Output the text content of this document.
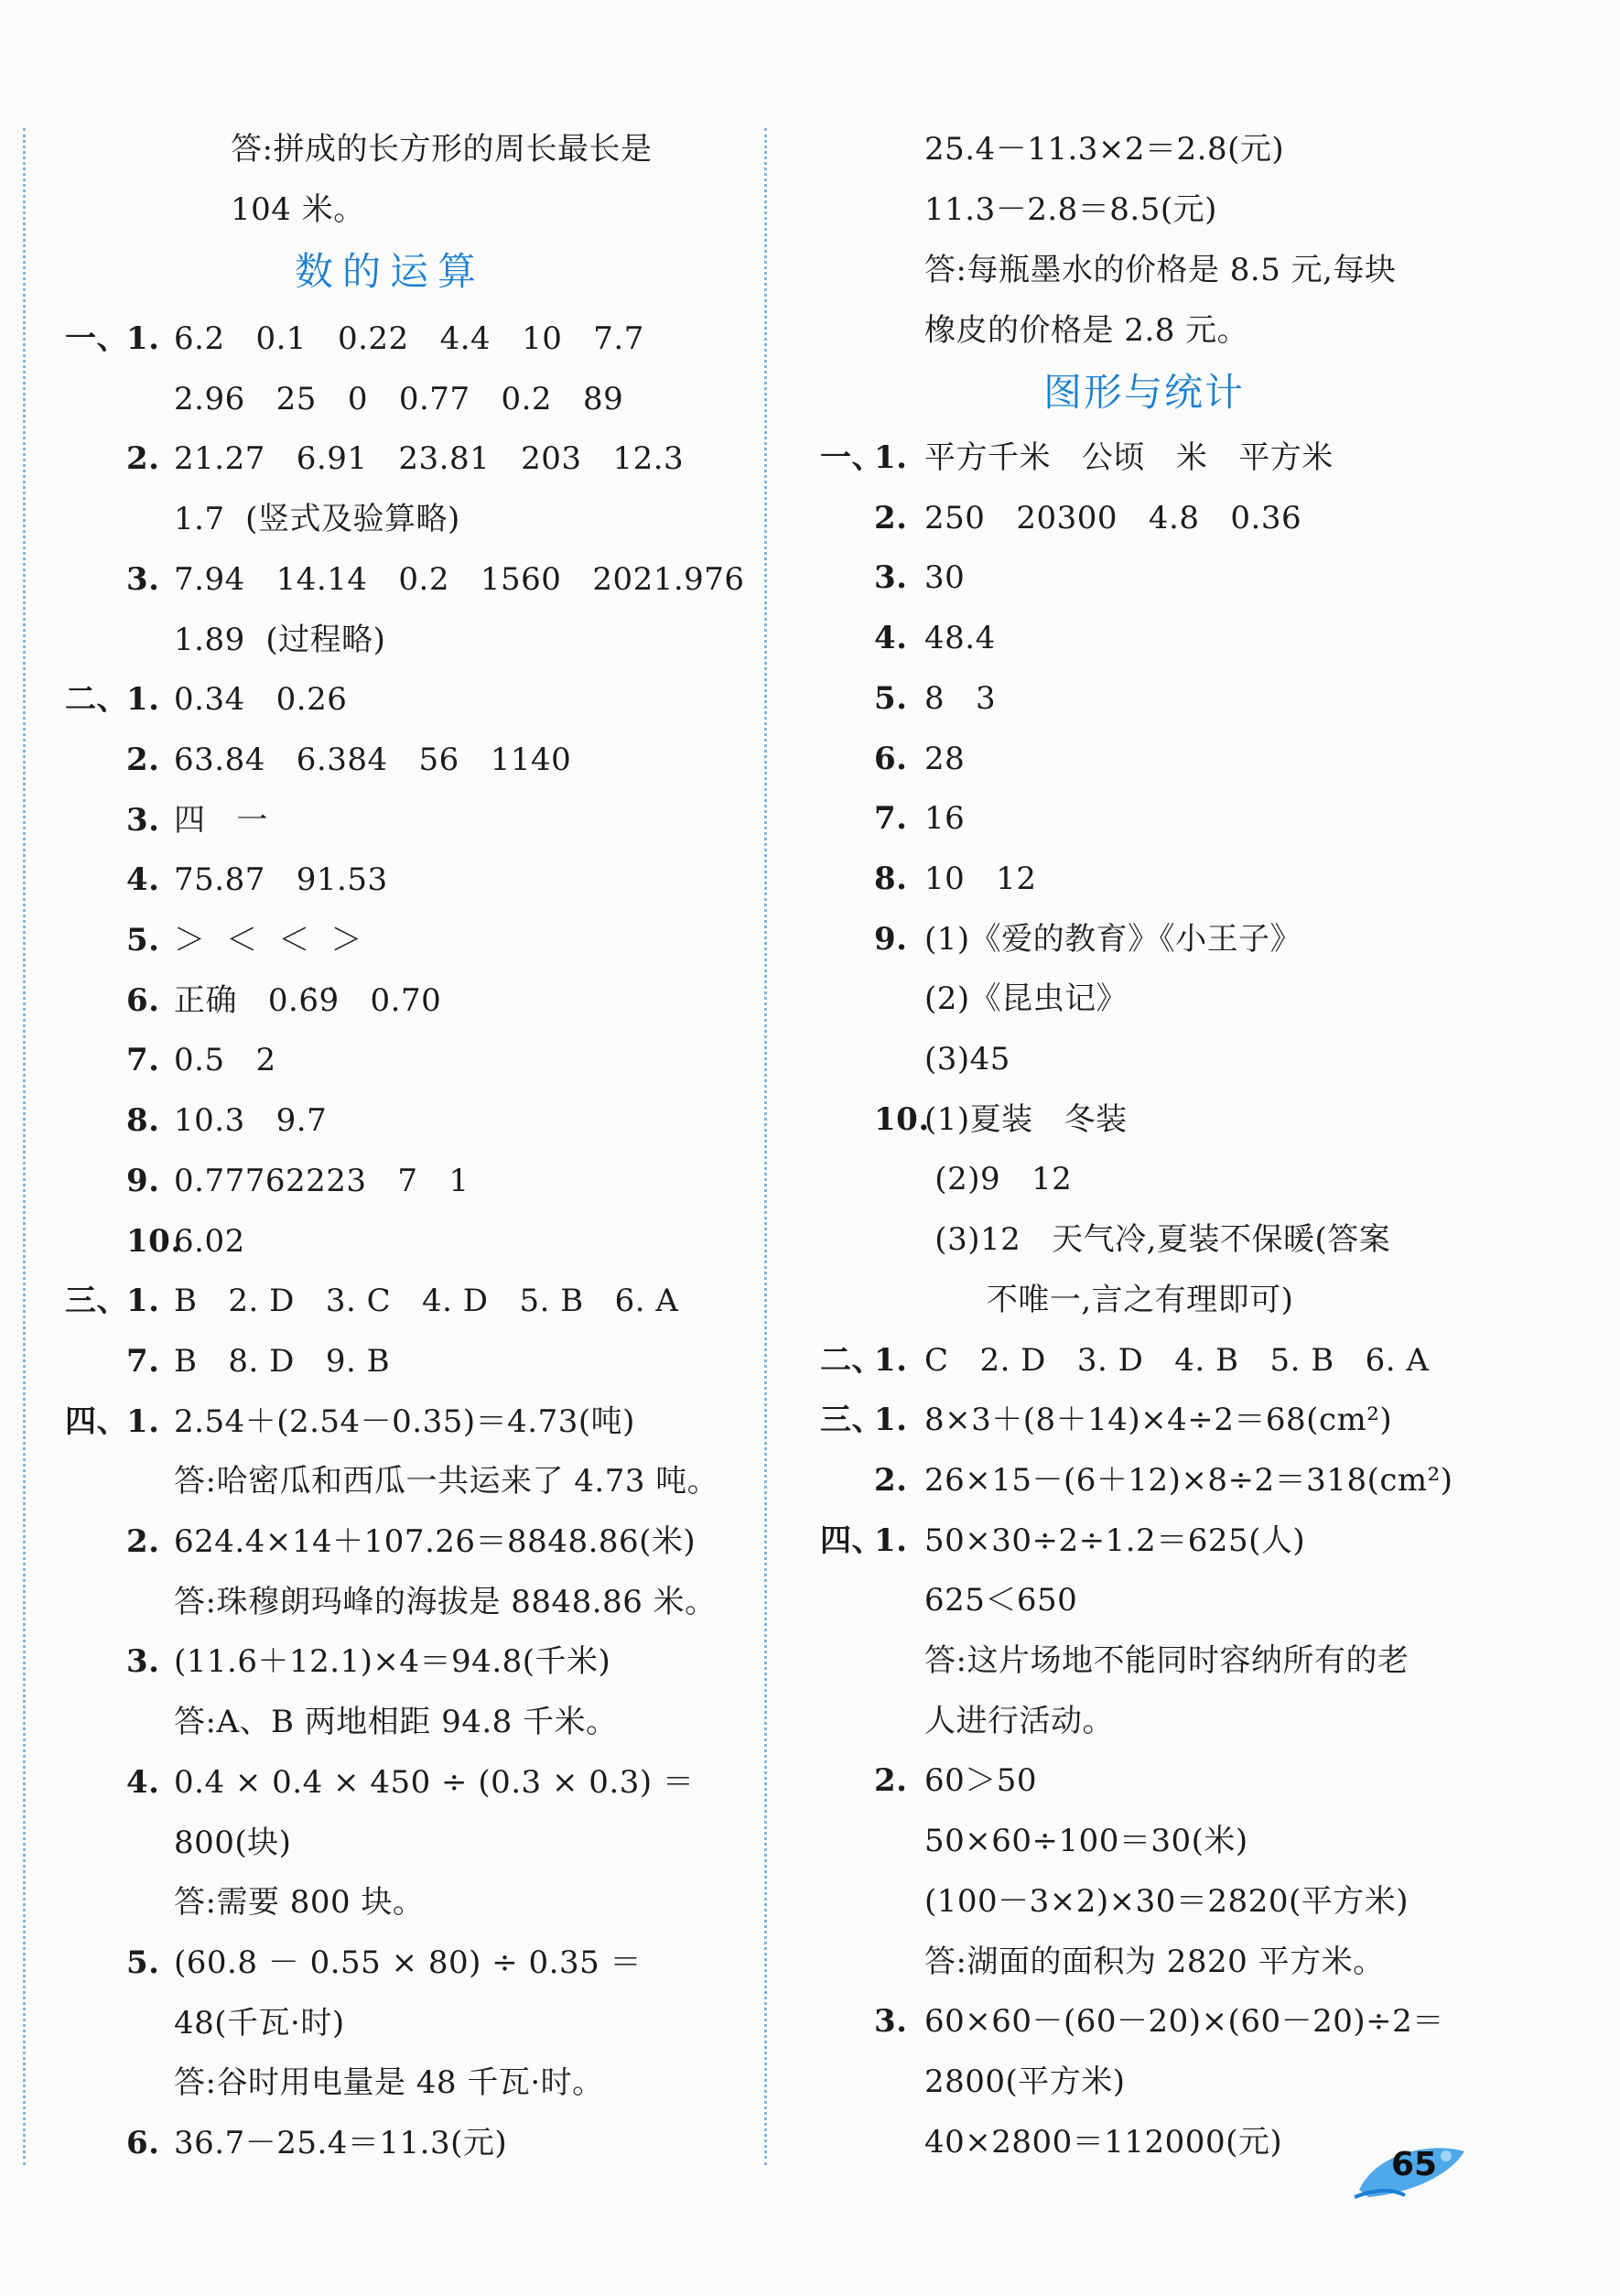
答:拼成的长方形的周长最长是
104 米。
数的运算
一、
1. 6.2   0.1   0.22   4.4   10   7.7
2.96   25   0   0.77   0.2   89
2. 21.27   6.91   23.81   203   12.3
1.7  (竖式及验算略)
3. 7.94   14.14   0.2   1560   2021.976
1.89  (过程略)
二、
1. 0.34   0.26
2. 63.84   6.384   56   1140
3. 四   一
4. 75.87   91.53
5. ＞  ＜  ＜  ＞
6. 正确   0.6̇9̇   0.70
7. 0.5   2
8. 10.3   9.7
9. 0.77762223   7   1
10.
6.02
三、
1. B   2. D   3. C   4. D   5. B   6. A
7. B   8. D   9. B
四、
1. 2.54＋(2.54－0.35)＝4.73(吨)
答:哈密瓜和西瓜一共运来了 4.73 吨。
2. 624.4×14＋107.26＝8848.86(米)
答:珠穆朗玛峰的海拔是 8848.86 米。
3. (11.6＋12.1)×4＝94.8(千米)
答:A、B 两地相距 94.8 千米。
4. 0.4 × 0.4 × 450 ÷ (0.3 × 0.3) ＝
800(块)
答:需要 800 块。
5. (60.8 － 0.55 × 80) ÷ 0.35 ＝
48(千瓦·时)
答:谷时用电量是 48 千瓦·时。
6. 36.7－25.4＝11.3(元)
25.4－11.3×2＝2.8(元)
11.3－2.8＝8.5(元)
答:每瓶墨水的价格是 8.5 元,每块
橡皮的价格是 2.8 元。
图形与统计
一、
1. 平方千米   公顷   米   平方米
2. 250   20300   4.8   0.36
3. 30
4. 48.4
5. 8   3
6. 28
7. 16
8. 10   12
9. (1)《爱的教育》《小王子》
(2)《昆虫记》
(3)45
10.
(1)夏装   冬装
(2)9   12
(3)12   天气冷,夏装不保暖(答案
不唯一,言之有理即可)
二、
1. C   2. D   3. D   4. B   5. B   6. A
三、
1. 8×3＋(8＋14)×4÷2＝68(cm²)
2. 26×15－(6＋12)×8÷2＝318(cm²)
四、
1. 50×30÷2÷1.2＝625(人)
625＜650
答:这片场地不能同时容纳所有的老
人进行活动。
2. 60＞50
50×60÷100＝30(米)
(100－3×2)×30＝2820(平方米)
答:湖面的面积为 2820 平方米。
3. 60×60－(60－20)×(60－20)÷2＝
2800(平方米)
40×2800＝112000(元)
65
